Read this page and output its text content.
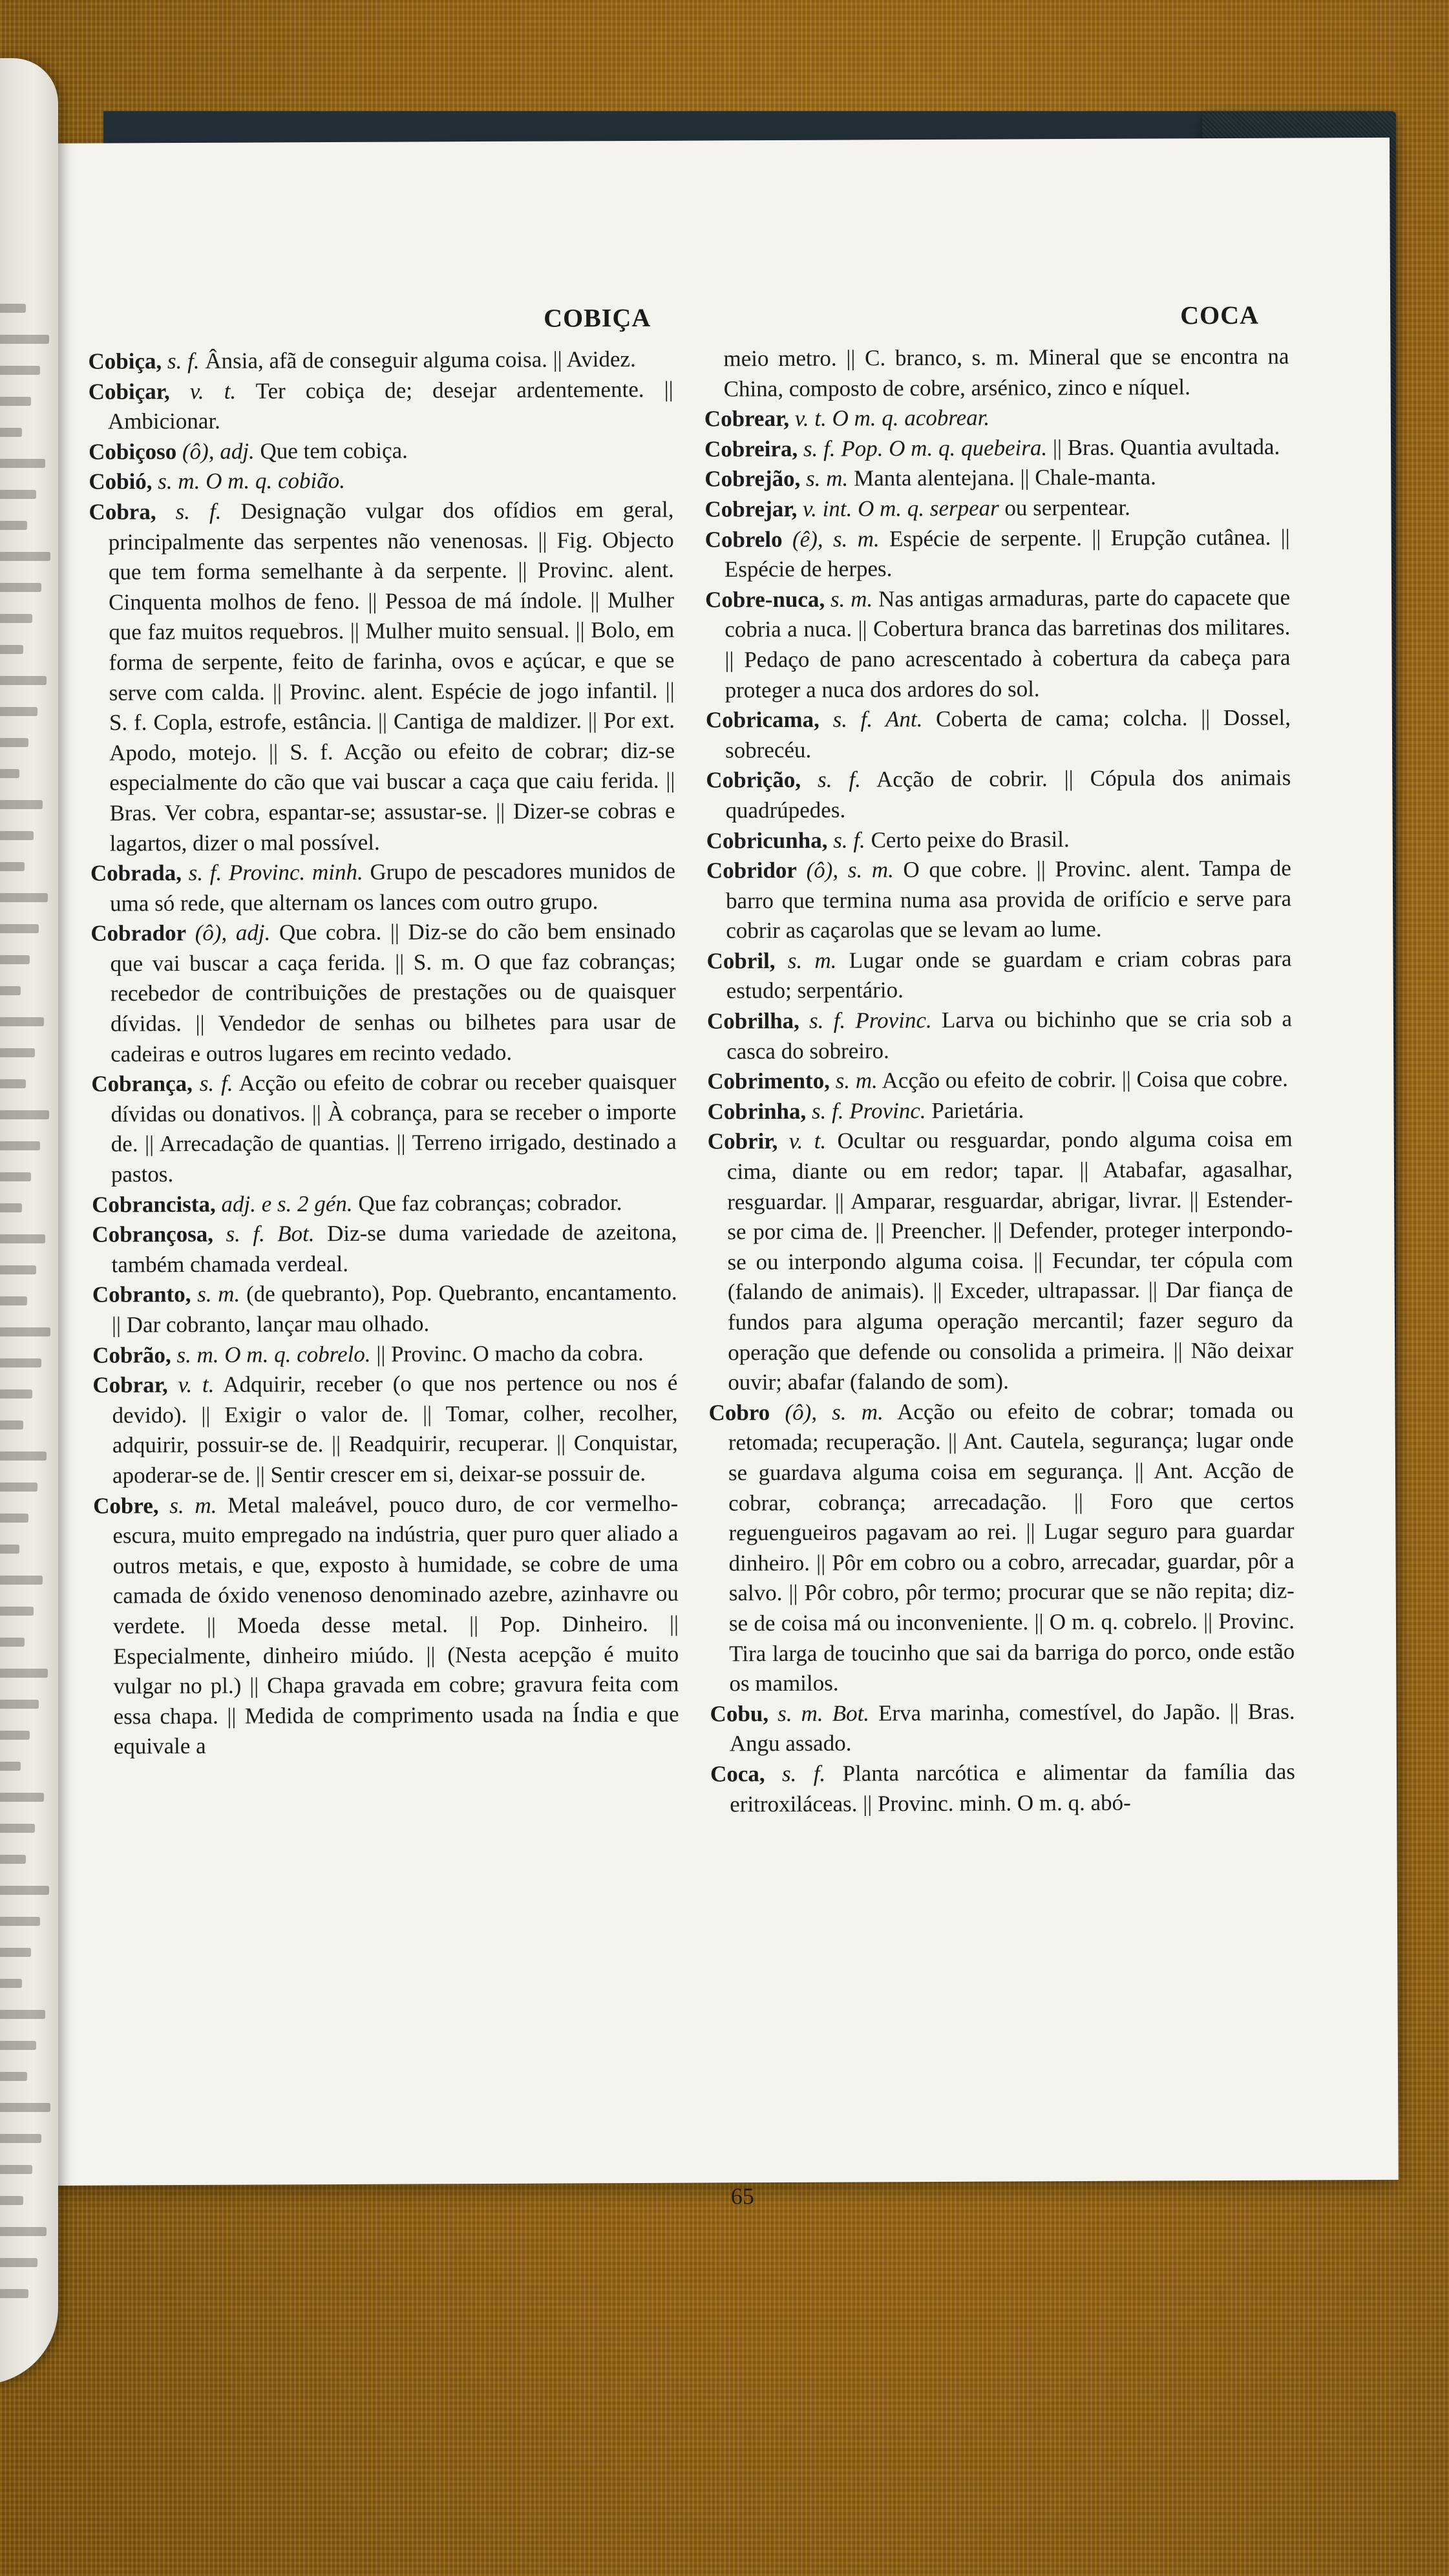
COBIÇA	COCA

Cobiça, s. f. Ânsia, afã de conseguir alguma coisa. || Avidez.

Cobiçar, v. t. Ter cobiça de; desejar ardentemente. || Ambicionar.

Cobiçoso (ô), adj. Que tem cobiça.

Cobió, s. m. O m. q. cobião.

Cobra, s. f. Designação vulgar dos ofídios em geral, principalmente das serpentes não venenosas. || Fig. Objecto que tem forma semelhante à da serpente. || Provinc. alent. Cinquenta molhos de feno. || Pessoa de má índole. || Mulher que faz muitos requebros. || Mulher muito sensual. || Bolo, em forma de serpente, feito de farinha, ovos e açúcar, e que se serve com calda. || Provinc. alent. Espécie de jogo infantil. || S. f. Copla, estrofe, estância. || Cantiga de maldizer. || Por ext. Apodo, motejo. || S. f. Acção ou efeito de cobrar; diz-se especialmente do cão que vai buscar a caça que caiu ferida. || Bras. Ver cobra, espantar-se; assustar-se. || Dizer-se cobras e lagartos, dizer o mal possível.

Cobrada, s. f. Provinc. minh. Grupo de pescadores munidos de uma só rede, que alternam os lances com outro grupo.

Cobrador (ô), adj. Que cobra. || Diz-se do cão bem ensinado que vai buscar a caça ferida. || S. m. O que faz cobranças; recebedor de contribuições de prestações ou de quaisquer dívidas. || Vendedor de senhas ou bilhetes para usar de cadeiras e outros lugares em recinto vedado.

Cobrança, s. f. Acção ou efeito de cobrar ou receber quaisquer dívidas ou donativos. || À cobrança, para se receber o importe de. || Arrecadação de quantias. || Terreno irrigado, destinado a pastos.

Cobrancista, adj. e s. 2 gén. Que faz cobranças; cobrador.

Cobrançosa, s. f. Bot. Diz-se duma variedade de azeitona, também chamada verdeal.

Cobranto, s. m. (de quebranto), Pop. Quebranto, encantamento. || Dar cobranto, lançar mau olhado.

Cobrão, s. m. O m. q. cobrelo. || Provinc. O macho da cobra.

Cobrar, v. t. Adquirir, receber (o que nos pertence ou nos é devido). || Exigir o valor de. || Tomar, colher, recolher, adquirir, possuir-se de. || Readquirir, recuperar. || Conquistar, apoderar-se de. || Sentir crescer em si, deixar-se possuir de.

Cobre, s. m. Metal maleável, pouco duro, de cor vermelho-escura, muito empregado na indústria, quer puro quer aliado a outros metais, e que, exposto à humidade, se cobre de uma camada de óxido venenoso denominado azebre, azinhavre ou verdete. || Moeda desse metal. || Pop. Dinheiro. || Especialmente, dinheiro miúdo. || (Nesta acepção é muito vulgar no pl.) || Chapa gravada em cobre; gravura feita com essa chapa. || Medida de comprimento usada na Índia e que equivale a

meio metro. || C. branco, s. m. Mineral que se encontra na China, composto de cobre, arsénico, zinco e níquel.

Cobrear, v. t. O m. q. acobrear.

Cobreira, s. f. Pop. O m. q. quebeira. || Bras. Quantia avultada.

Cobrejão, s. m. Manta alentejana. || Chale-manta.

Cobrejar, v. int. O m. q. serpear ou serpentear.

Cobrelo (ê), s. m. Espécie de serpente. || Erupção cutânea. || Espécie de herpes.

Cobre-nuca, s. m. Nas antigas armaduras, parte do capacete que cobria a nuca. || Cobertura branca das barretinas dos militares. || Pedaço de pano acrescentado à cobertura da cabeça para proteger a nuca dos ardores do sol.

Cobricama, s. f. Ant. Coberta de cama; colcha. || Dossel, sobrecéu.

Cobrição, s. f. Acção de cobrir. || Cópula dos animais quadrúpedes.

Cobricunha, s. f. Certo peixe do Brasil.

Cobridor (ô), s. m. O que cobre. || Provinc. alent. Tampa de barro que termina numa asa provida de orifício e serve para cobrir as caçarolas que se levam ao lume.

Cobril, s. m. Lugar onde se guardam e criam cobras para estudo; serpentário.

Cobrilha, s. f. Provinc. Larva ou bichinho que se cria sob a casca do sobreiro.

Cobrimento, s. m. Acção ou efeito de cobrir. || Coisa que cobre.

Cobrinha, s. f. Provinc. Parietária.

Cobrir, v. t. Ocultar ou resguardar, pondo alguma coisa em cima, diante ou em redor; tapar. || Atabafar, agasalhar, resguardar. || Amparar, resguardar, abrigar, livrar. || Estender-se por cima de. || Preencher. || Defender, proteger interpondo-se ou interpondo alguma coisa. || Fecundar, ter cópula com (falando de animais). || Exceder, ultrapassar. || Dar fiança de fundos para alguma operação mercantil; fazer seguro da operação que defende ou consolida a primeira. || Não deixar ouvir; abafar (falando de som).

Cobro (ô), s. m. Acção ou efeito de cobrar; tomada ou retomada; recuperação. || Ant. Cautela, segurança; lugar onde se guardava alguma coisa em segurança. || Ant. Acção de cobrar, cobrança; arrecadação. || Foro que certos reguengueiros pagavam ao rei. || Lugar seguro para guardar dinheiro. || Pôr em cobro ou a cobro, arrecadar, guardar, pôr a salvo. || Pôr cobro, pôr termo; procurar que se não repita; diz-se de coisa má ou inconveniente. || O m. q. cobrelo. || Provinc. Tira larga de toucinho que sai da barriga do porco, onde estão os mamilos.

Cobu, s. m. Bot. Erva marinha, comestível, do Japão. || Bras. Angu assado.

Coca, s. f. Planta narcótica e alimentar da família das eritroxiláceas. || Provinc. minh. O m. q. abó-

65
